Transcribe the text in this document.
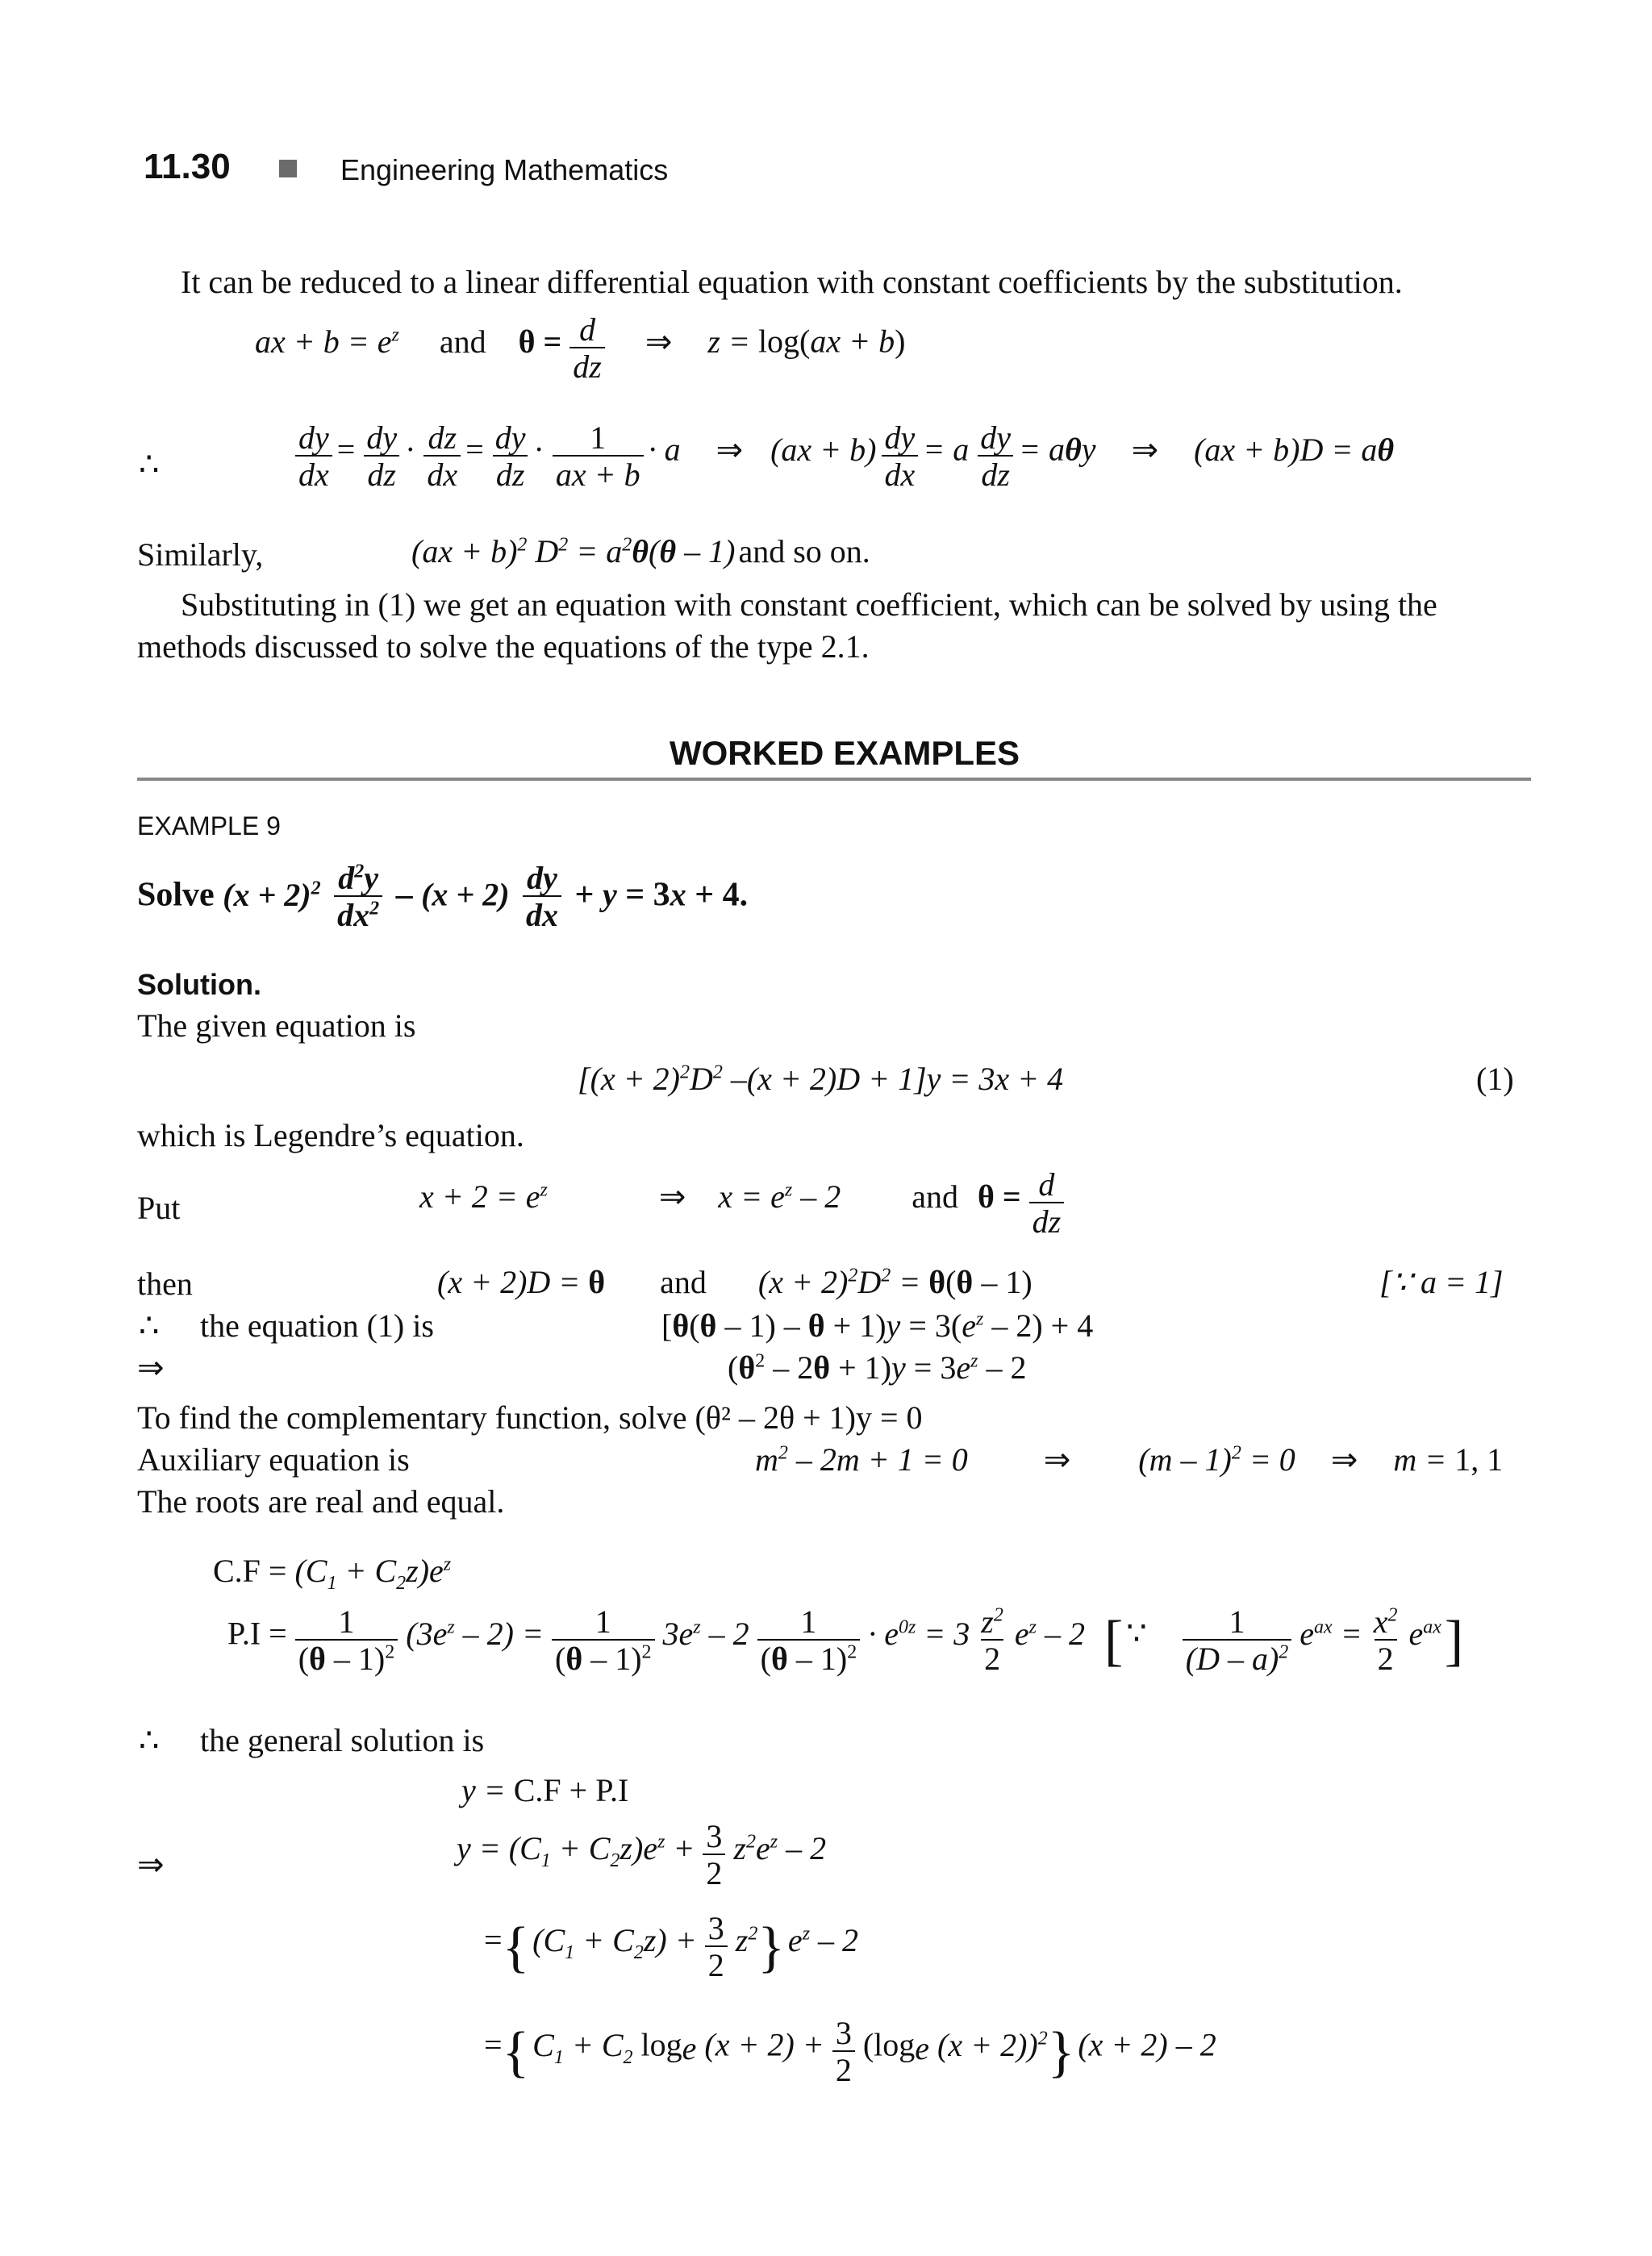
11.30	Engineering Mathematics
It can be reduced to a linear differential equation with constant coefficients by the substitution.
ax + $b = e^z$ and $\theta = \frac{d}{dz}$ ⇒ z = log(ax + b)
∴	$\frac{dy}{dx} = \frac{dy}{dz} \cdot \frac{dz}{dx} = \frac{dy}{dz} \cdot \frac{1}{ax + b} \cdot a$ ⇒ $(ax + b) \frac{dy}{dx} = a \frac{dy}{dz} = a\theta y$ ⇒ (ax + b)D = aθ
Similarly,	(ax + b)$^2$ $D^2 = a^2\theta(\theta - 1)$ and so on.
Substituting in (1) we get an equation with constant coefficient, which can be solved by using the
methods discussed to solve the equations of the type 2.1.
WORKED EXAMPLES
EXAMPLE 9
Solve $(x + 2)^2 \frac{d^2y}{dx^2} - (x + 2) \frac{dy}{dx} + y = 3x + 4$.
Solution.
The given equation is
[$(x + 2)^2D^2$ –(x + 2)D + 1]y = 3x + 4	(1)
which is Legendre’s equation.
Put	$x + 2 = e^z$	⇒ $x = e^z - 2$ and $\theta = \frac{d}{dz}$
then	(x + 2)D = θ and $(x + 2)^2D^2 = \theta(\theta - 1)$	[∵ a = 1]
∴ the equation (1) is	$[\theta(\theta - 1) - \theta + 1)y = 3(e^z - 2) + 4$
⇒	$(\theta^2 - 2\theta + 1)y = 3e^z - 2$
To find the complementary function, solve (θ² – 2θ + 1)y = 0
Auxiliary equation is	$m^2 - 2m + 1 = 0$ ⇒ (m – 1)$^2$ = 0 ⇒ m = 1, 1
The roots are real and equal.
$C.F = (C_1 + C_2z)e^z$
$P.I = \frac{1}{(\theta - 1)^2} (3e^z - 2) = \frac{1}{(\theta - 1)^2} 3e^z - 2 \frac{1}{(\theta - 1)^2} \cdot e^{0z} = 3 \frac{z^2}{2} e^z - 2$ [ ∵ $\frac{1}{(D - a)^2} e^{ax} = \frac{x^2}{2} e^{ax}$ ]
∴ the general solution is
y = C.F + P.I
⇒	$y = (C_1 + C_2z)e^z + \frac{3}{2} z^2e^z - 2$
={ $(C_1 + C_2z) + \frac{3}{2} z^2$} $e^z - 2$
={ $C_1 + C_2$ $\log_e (x + 2) + \frac{3}{2} (\log_e$ (x + 2))$^2$} (x + 2) – 2
